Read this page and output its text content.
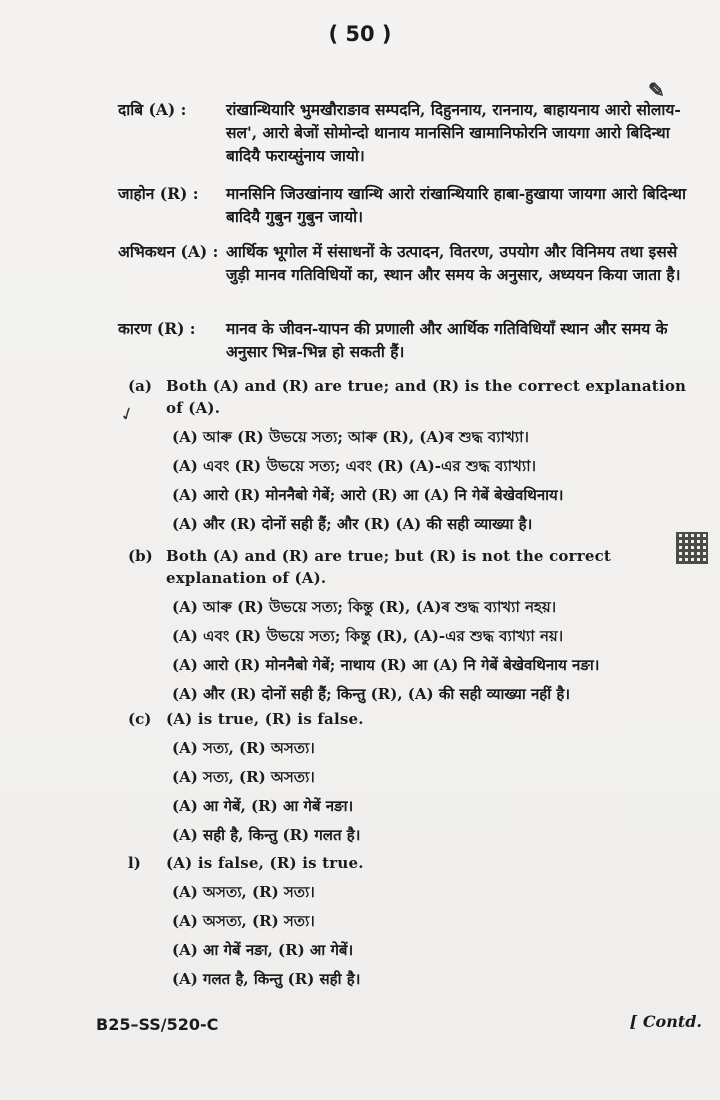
( 50 )
✎
दाबि (A) :	रांखान्थियारि भुमखौराङाव सम्पदनि, दिहुननाय, राननाय, बाहायनाय आरो सोलाय-सल', आरो बेजों सोमोन्दो थानाय मानसिनि खामानिफोरनि जायगा आरो बिदिन्था बादियै फराय्सुंनाय जायो।
जाहोन (R) : मानसिनि जिउखांनाय खान्थि आरो रांखान्थियारि हाबा-हुखाया जायगा आरो बिदिन्था बादियै गुबुन गुबुन जायो।
अभिकथन (A) : आर्थिक भूगोल में संसाधनों के उत्पादन, वितरण, उपयोग और विनिमय तथा इससे जुड़ी मानव गतिविधियों का, स्थान और समय के अनुसार, अध्ययन किया जाता है।
कारण (R) : मानव के जीवन-यापन की प्रणाली और आर्थिक गतिविधियाँ स्थान और समय के अनुसार भिन्न-भिन्न हो सकती हैं।
(a) Both (A) and (R) are true; and (R) is the correct explanation of (A).
(A) আৰু (R) উভয়ে সত্য; আৰু (R), (A)ৰ শুদ্ধ ব্যাখ্যা।
(A) এবং (R) উভয়ে সত্য; এবং (R) (A)-এর শুদ্ধ ব্যাখ্যা।
(A) आरो (R) मोननैबो गेबें; आरो (R) आ (A) नि गेबें बेखेवथिनाय।
(A) और (R) दोनों सही हैं; और (R) (A) की सही व्याख्या है।
✓
(b) Both (A) and (R) are true; but (R) is not the correct explanation of (A).
(A) আৰু (R) উভয়ে সত্য; কিন্তু (R), (A)ৰ শুদ্ধ ব্যাখ্যা নহয়।
(A) এবং (R) উভয়ে সত্য; কিন্তু (R), (A)-এর শুদ্ধ ব্যাখ্যা নয়।
(A) आरो (R) मोननैबो गेबें; नाथाय (R) आ (A) नि गेबें बेखेवथिनाय नङा।
(A) और (R) दोनों सही हैं; किन्तु (R), (A) की सही व्याख्या नहीं है।
(c) (A) is true, (R) is false.
(A) সত্য, (R) অসত্য।
(A) সত্য, (R) অসত্য।
(A) आ गेबें, (R) आ गेबें नङा।
(A) सही है, किन्तु (R) गलत है।
l) (A) is false, (R) is true.
(A) অসত্য, (R) সত্য।
(A) অসত্য, (R) সত্য।
(A) आ गेबें नङा, (R) आ गेबें।
(A) गलत है, किन्तु (R) सही है।
B25–SS/520-C	[ Contd.
